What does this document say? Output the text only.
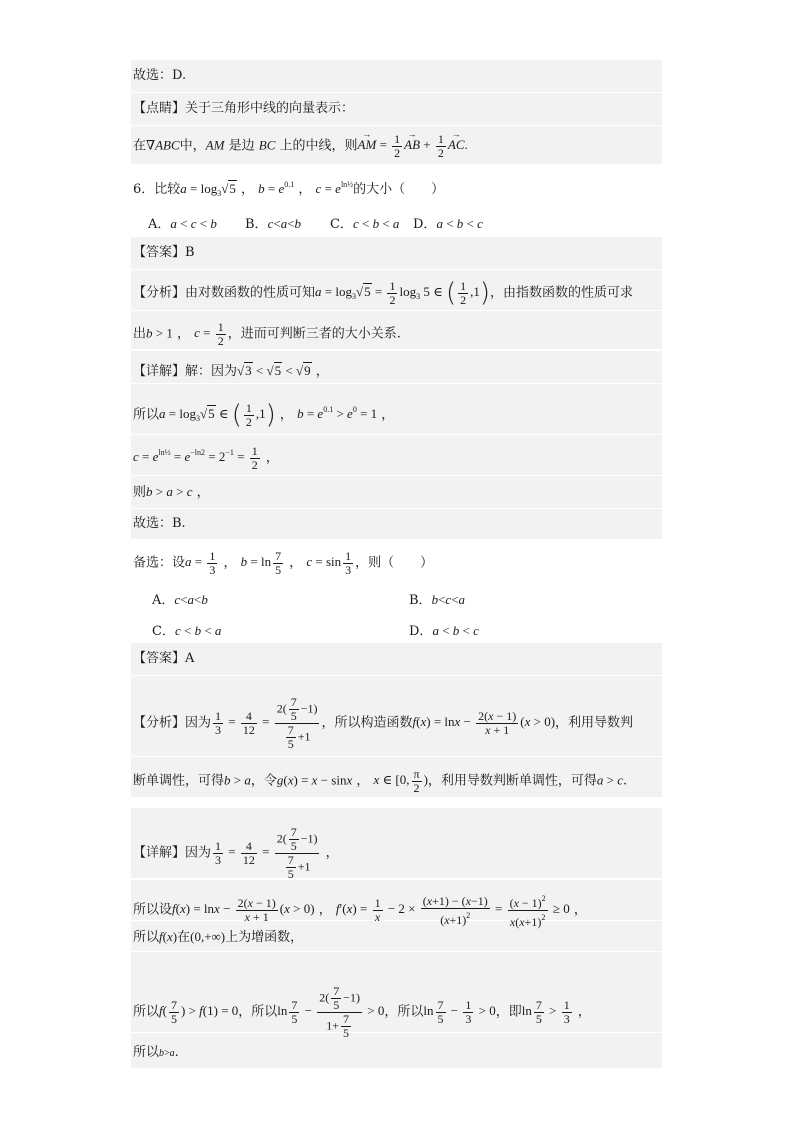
故选：D.
【点睛】关于三角形中线的向量表示：
在∇ABC中，AM 是边 BC 上的中线，则→ AM = $\frac{1}{2}$ → AB + $\frac{1}{2}$ → AC.
6．比较$a = \log_3√5$ ， $b = e^{0.1}$ ， $c = e^{ln\frac{1}{2}}$的大小（　　）
A．a < c < b B．c<a<b C．c < b < a D．a < b < c
【答案】B
【分析】由对数函数的性质可知$a = \log_3√5 = \frac{1}{2} \log_3 5$ ∈ ( $\frac{1}{2} ,1$)，由指数函数的性质可求
出b > 1 ， $c = \frac{1}{2}$ ，进而可判断三者的大小关系.
【详解】解：因为√3 < √5 < √9 ，
所以$a = \log_3√5$ ∈ ( $\frac{1}{2} ,1$) ， $b = e^{0.1} > e^0 = 1$ ，
$c = e^{ln\frac{1}{2}} = e^{-ln2} = 2^{-1} = \frac{1}{2}$ ，
则b > a > c ，
故选：B.
备选：设$a = \frac{1}{3}$ ， $b = \ln \frac{7}{5}$ ， $c = \sin \frac{1}{3}$ ，则（　　）
A．c<a<b	B．b<c<a
C．c < b < a	D．a < b < c
【答案】A
【分析】因为 $\frac{1}{3} = \frac{4}{12} = \frac{2( \frac{7}{5} -1)}{\frac{7}{5} +1}$ ，所以构造函数$f(x) = \ln x - \frac{2(x - 1)}{x + 1} (x > 0)$，利用导数判
断单调性，可得b > a，令g(x) = x − sinx ， x ∈ [0, $\frac{\pi}{2}$ )，利用导数判断单调性，可得a > c.
【详解】因为 $\frac{1}{3} = \frac{4}{12} = \frac{2( \frac{7}{5} -1)}{\frac{7}{5} +1}$ ，
所以设$f(x) = \ln x - \frac{2(x - 1)}{x + 1} (x > 0)$ ， $f'(x) = \frac{1}{x} - 2 \times \frac{(x+1) - (x-1)}{(x+1)^2} = \frac{(x - 1)^2}{x(x+1)^2} \ge 0$ ，
所以f(x)在(0,+∞)上为增函数，
所以$f( \frac{7}{5}$ ) > f(1) = 0，所以$\ln \frac{7}{5} - \frac{2( \frac{7}{5} -1)}{1+ \frac{7}{5}} > 0$，所以$\ln \frac{7}{5} - \frac{1}{3} > 0$，即$\ln \frac{7}{5} > \frac{1}{3}$ ，
所以b>a.
